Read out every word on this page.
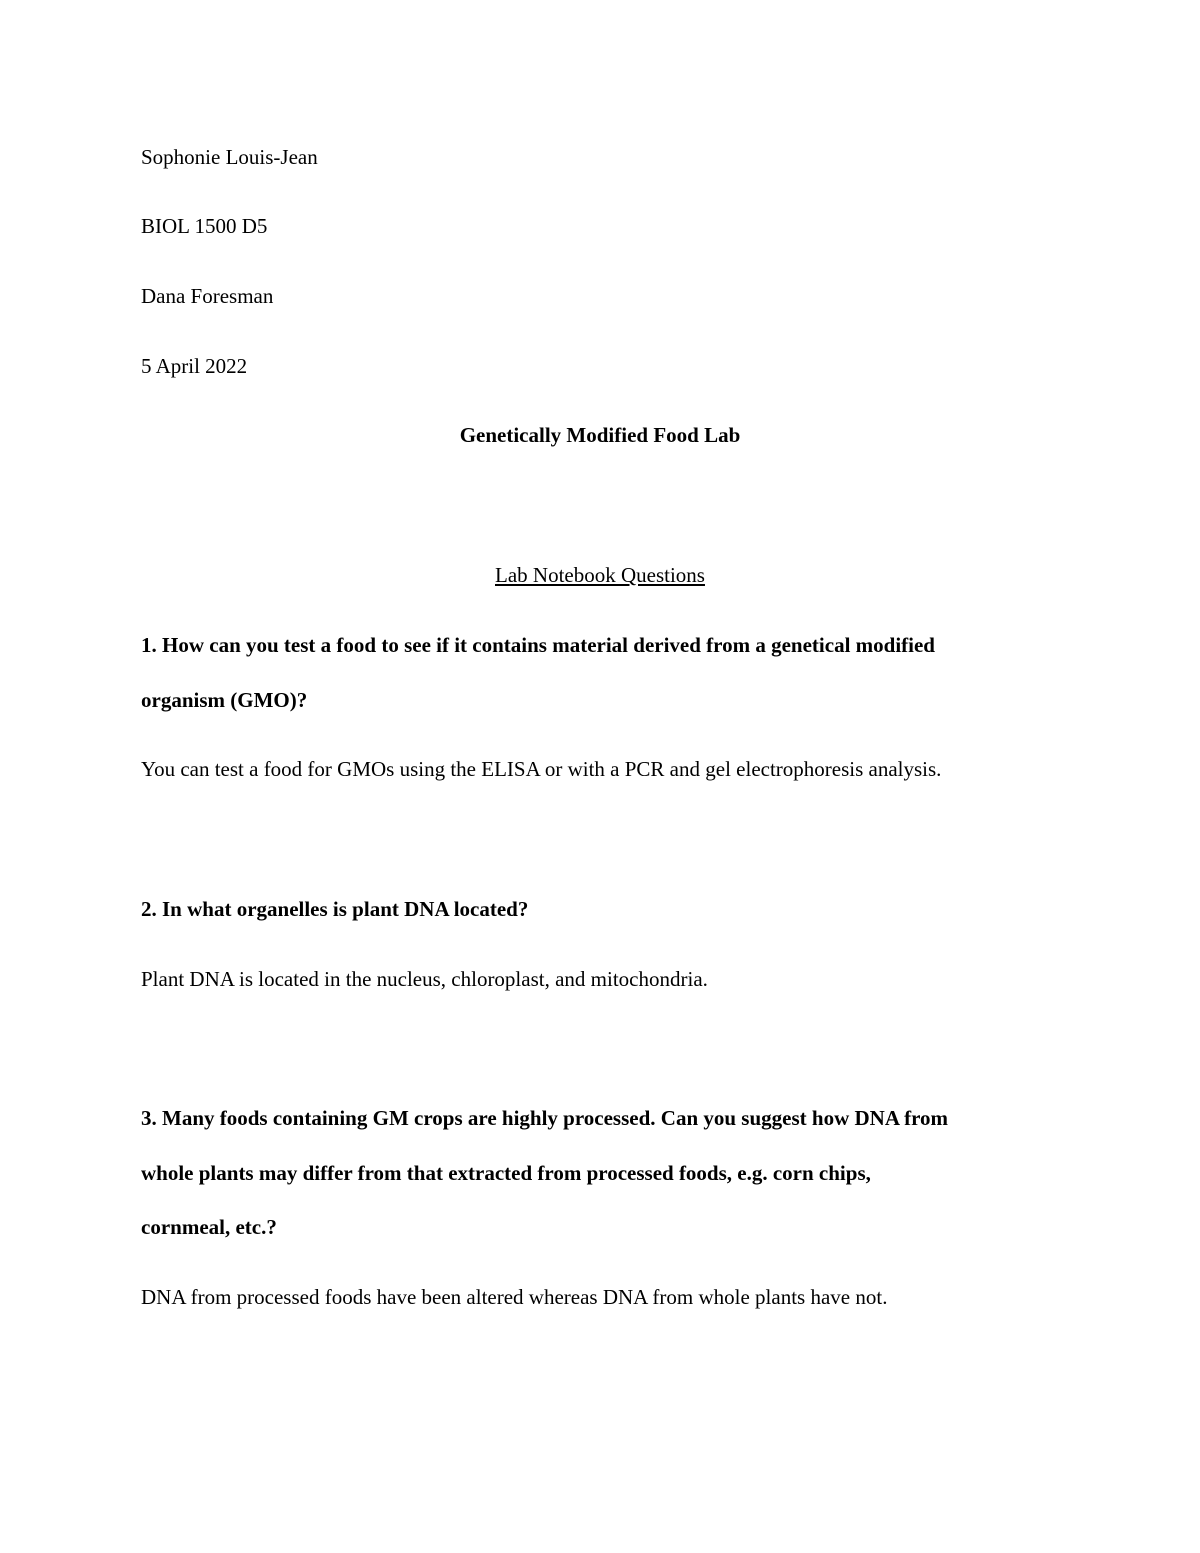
Sophonie Louis-Jean
BIOL 1500 D5
Dana Foresman
5 April 2022
Genetically Modified Food Lab
Lab Notebook Questions
1. How can you test a food to see if it contains material derived from a genetical modified
organism (GMO)?
You can test a food for GMOs using the ELISA or with a PCR and gel electrophoresis analysis.
2. In what organelles is plant DNA located?
Plant DNA is located in the nucleus, chloroplast, and mitochondria.
3. Many foods containing GM crops are highly processed. Can you suggest how DNA from
whole plants may differ from that extracted from processed foods, e.g. corn chips,
cornmeal, etc.?
DNA from processed foods have been altered whereas DNA from whole plants have not.
